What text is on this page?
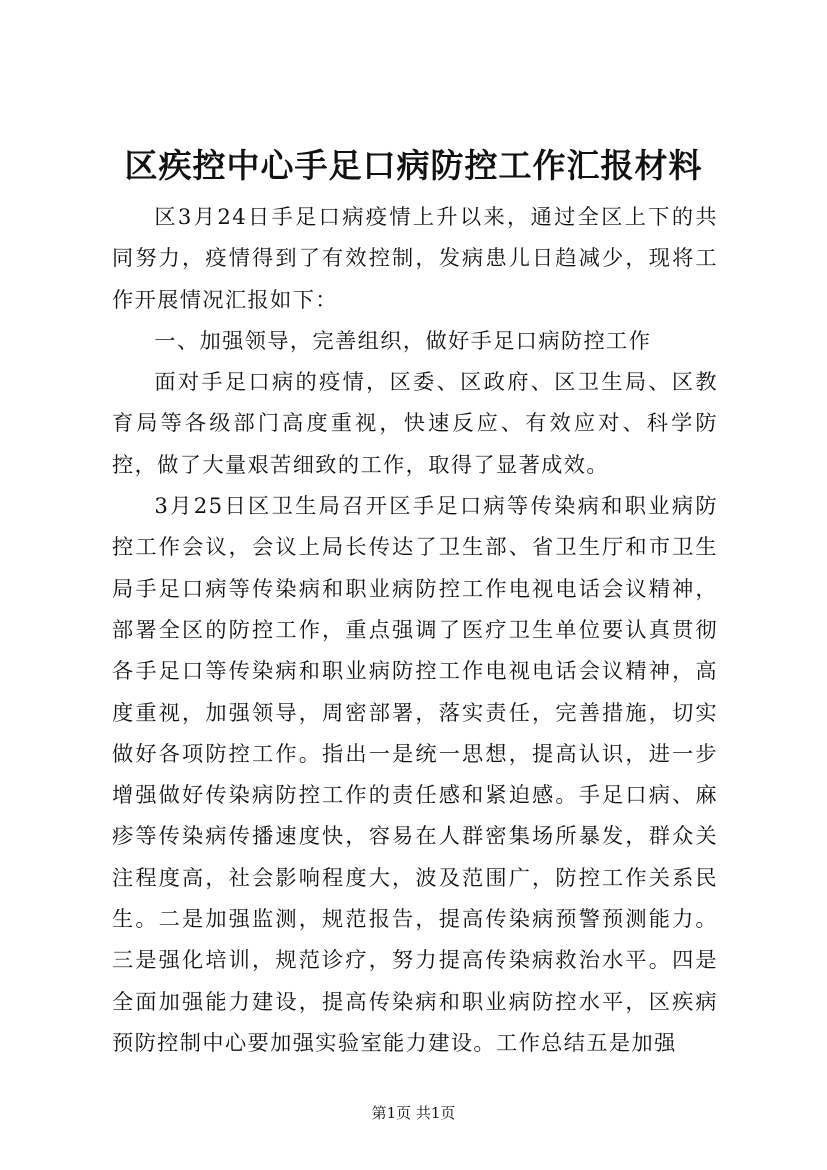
区疾控中心手足口病防控工作汇报材料

区3月24日手足口病疫情上升以来，通过全区上下的共同努力，疫情得到了有效控制，发病患儿日趋减少，现将工作开展情况汇报如下：

一、加强领导，完善组织，做好手足口病防控工作

面对手足口病的疫情，区委、区政府、区卫生局、区教育局等各级部门高度重视，快速反应、有效应对、科学防控，做了大量艰苦细致的工作，取得了显著成效。

3月25日区卫生局召开区手足口病等传染病和职业病防控工作会议，会议上局长传达了卫生部、省卫生厅和市卫生局手足口病等传染病和职业病防控工作电视电话会议精神，部署全区的防控工作，重点强调了医疗卫生单位要认真贯彻各手足口等传染病和职业病防控工作电视电话会议精神，高度重视，加强领导，周密部署，落实责任，完善措施，切实做好各项防控工作。指出一是统一思想，提高认识，进一步增强做好传染病防控工作的责任感和紧迫感。手足口病、麻疹等传染病传播速度快，容易在人群密集场所暴发，群众关注程度高，社会影响程度大，波及范围广，防控工作关系民生。二是加强监测，规范报告，提高传染病预警预测能力。三是强化培训，规范诊疗，努力提高传染病救治水平。四是全面加强能力建设，提高传染病和职业病防控水平，区疾病预防控制中心要加强实验室能力建设。工作总结五是加强

第1页 共1页
